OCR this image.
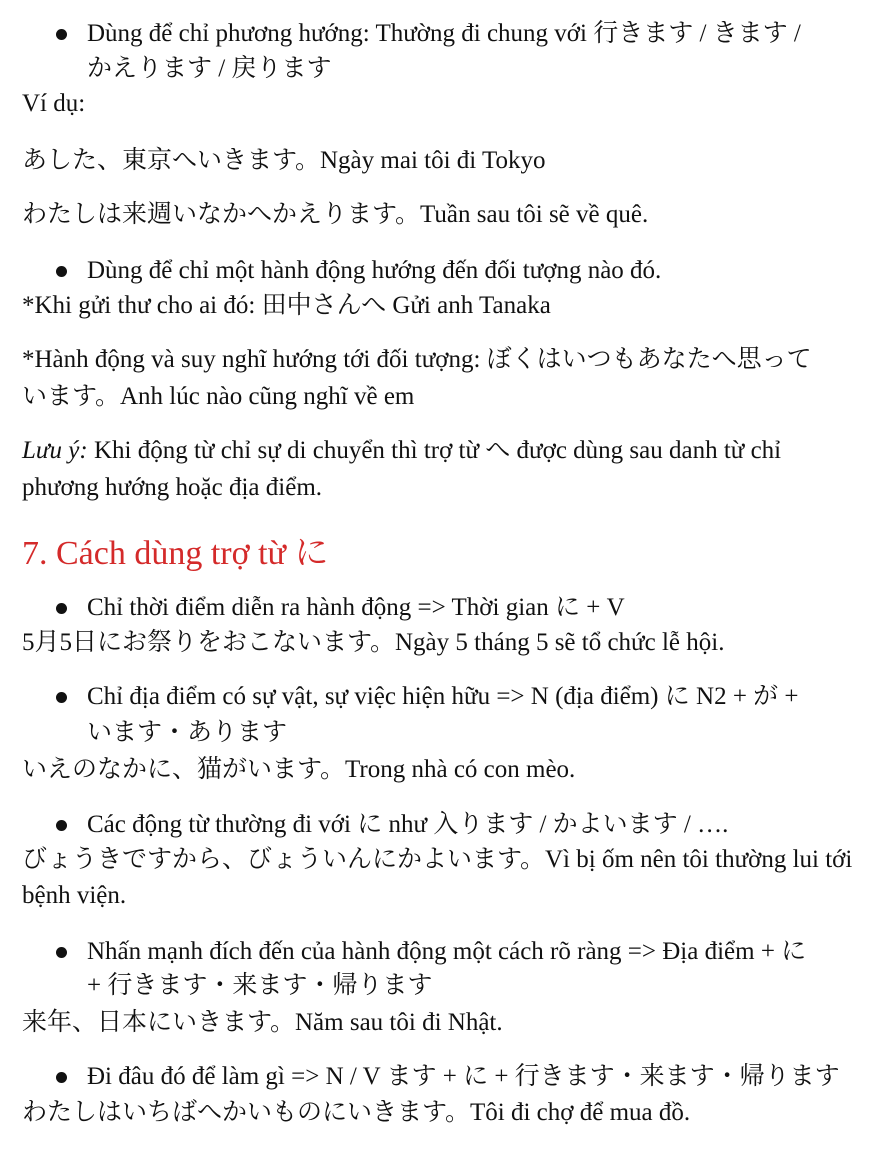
Dùng để chỉ phương hướng: Thường đi chung với 行きます / きます /
かえります / 戻ります
Ví dụ:
あした、東京へいきます。Ngày mai tôi đi Tokyo
わたしは来週いなかへかえります。Tuần sau tôi sẽ về quê.
Dùng để chỉ một hành động hướng đến đối tượng nào đó.
*Khi gửi thư cho ai đó: 田中さんへ Gửi anh Tanaka
*Hành động và suy nghĩ hướng tới đối tượng: ぼくはいつもあなたへ思って
います。Anh lúc nào cũng nghĩ về em
Lưu ý: Khi động từ chỉ sự di chuyển thì trợ từ へ được dùng sau danh từ chỉ
phương hướng hoặc địa điểm.
7. Cách dùng trợ từ に
Chỉ thời điểm diễn ra hành động => Thời gian に + V
5月5日にお祭りをおこないます。Ngày 5 tháng 5 sẽ tổ chức lễ hội.
Chỉ địa điểm có sự vật, sự việc hiện hữu => N (địa điểm) に N2 + が +
います・あります
いえのなかに、猫がいます。Trong nhà có con mèo.
Các động từ thường đi với に như 入ります / かよいます / ….
びょうきですから、びょういんにかよいます。Vì bị ốm nên tôi thường lui tới
bệnh viện.
Nhấn mạnh đích đến của hành động một cách rõ ràng => Địa điểm + に
+ 行きます・来ます・帰ります
来年、日本にいきます。Năm sau tôi đi Nhật.
Đi đâu đó để làm gì => N / V ます + に + 行きます・来ます・帰ります
わたしはいちばへかいものにいきます。Tôi đi chợ để mua đồ.
